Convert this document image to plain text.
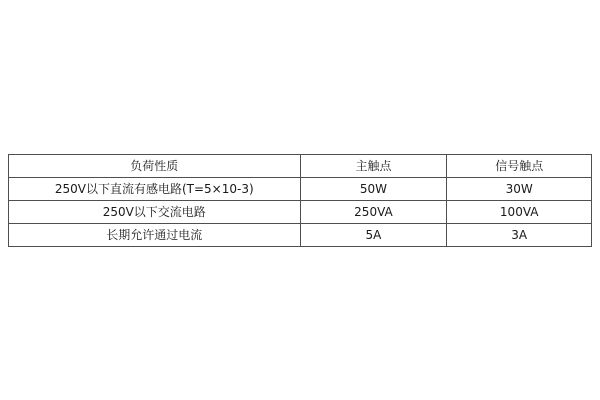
负荷性质	主触点	信号触点
250V以下直流有感电路(T=5×10-3)	50W	30W
250V以下交流电路	250VA	100VA
长期允许通过电流	5A	3A
